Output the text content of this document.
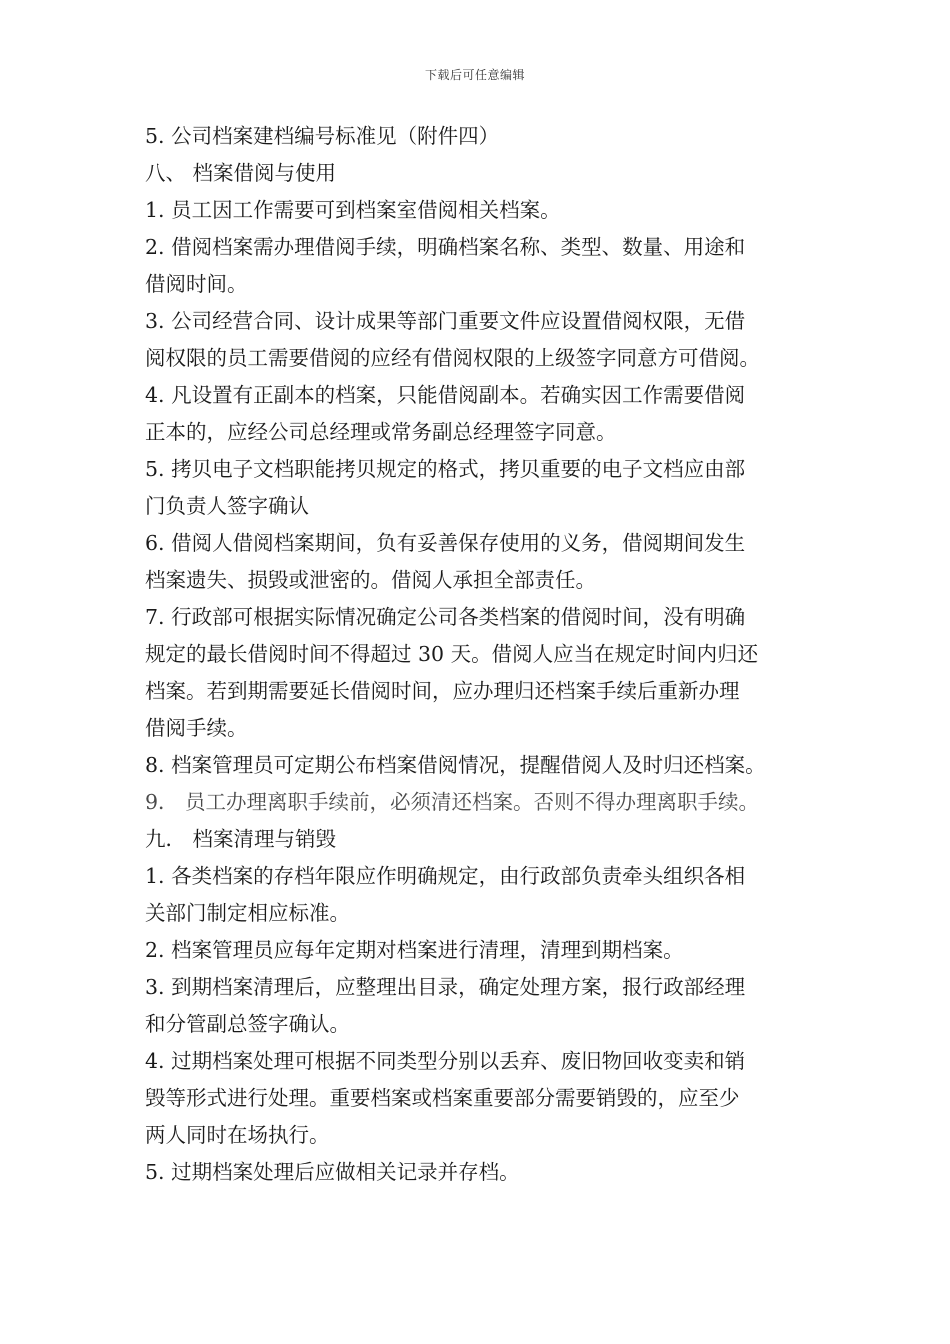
下载后可任意编辑
5. 公司档案建档编号标准见（附件四）
八、 档案借阅与使用
1. 员工因工作需要可到档案室借阅相关档案。
2. 借阅档案需办理借阅手续，明确档案名称、类型、数量、用途和
借阅时间。
3. 公司经营合同、设计成果等部门重要文件应设置借阅权限，无借
阅权限的员工需要借阅的应经有借阅权限的上级签字同意方可借阅。
4. 凡设置有正副本的档案，只能借阅副本。若确实因工作需要借阅
正本的，应经公司总经理或常务副总经理签字同意。
5. 拷贝电子文档职能拷贝规定的格式，拷贝重要的电子文档应由部
门负责人签字确认
6. 借阅人借阅档案期间，负有妥善保存使用的义务，借阅期间发生
档案遗失、损毁或泄密的。借阅人承担全部责任。
7. 行政部可根据实际情况确定公司各类档案的借阅时间，没有明确
规定的最长借阅时间不得超过 30 天。借阅人应当在规定时间内归还
档案。若到期需要延长借阅时间，应办理归还档案手续后重新办理
借阅手续。
8. 档案管理员可定期公布档案借阅情况，提醒借阅人及时归还档案。
9． 员工办理离职手续前，必须清还档案。否则不得办理离职手续。
九． 档案清理与销毁
1. 各类档案的存档年限应作明确规定，由行政部负责牵头组织各相
关部门制定相应标准。
2. 档案管理员应每年定期对档案进行清理，清理到期档案。
3. 到期档案清理后，应整理出目录，确定处理方案，报行政部经理
和分管副总签字确认。
4. 过期档案处理可根据不同类型分别以丢弃、废旧物回收变卖和销
毁等形式进行处理。重要档案或档案重要部分需要销毁的，应至少
两人同时在场执行。
5. 过期档案处理后应做相关记录并存档。
